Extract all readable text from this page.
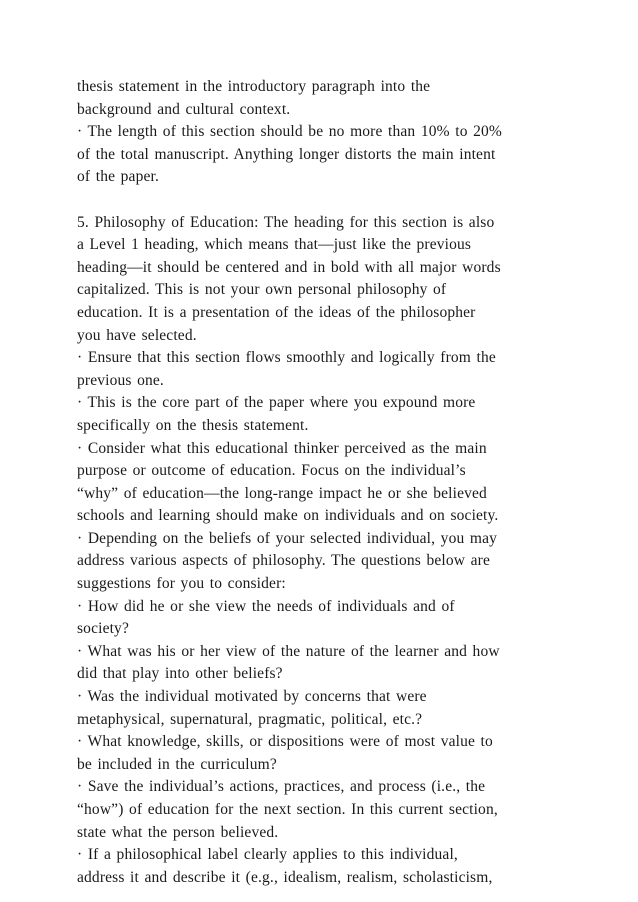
thesis statement in the introductory paragraph into the
background and cultural context.
· The length of this section should be no more than 10% to 20%
of the total manuscript. Anything longer distorts the main intent
of the paper.
5. Philosophy of Education: The heading for this section is also
a Level 1 heading, which means that—just like the previous
heading—it should be centered and in bold with all major words
capitalized. This is not your own personal philosophy of
education. It is a presentation of the ideas of the philosopher
you have selected.
· Ensure that this section flows smoothly and logically from the
previous one.
· This is the core part of the paper where you expound more
specifically on the thesis statement.
· Consider what this educational thinker perceived as the main
purpose or outcome of education. Focus on the individual’s
“why” of education—the long-range impact he or she believed
schools and learning should make on individuals and on society.
· Depending on the beliefs of your selected individual, you may
address various aspects of philosophy. The questions below are
suggestions for you to consider:
· How did he or she view the needs of individuals and of
society?
· What was his or her view of the nature of the learner and how
did that play into other beliefs?
· Was the individual motivated by concerns that were
metaphysical, supernatural, pragmatic, political, etc.?
· What knowledge, skills, or dispositions were of most value to
be included in the curriculum?
· Save the individual’s actions, practices, and process (i.e., the
“how”) of education for the next section. In this current section,
state what the person believed.
· If a philosophical label clearly applies to this individual,
address it and describe it (e.g., idealism, realism, scholasticism,
